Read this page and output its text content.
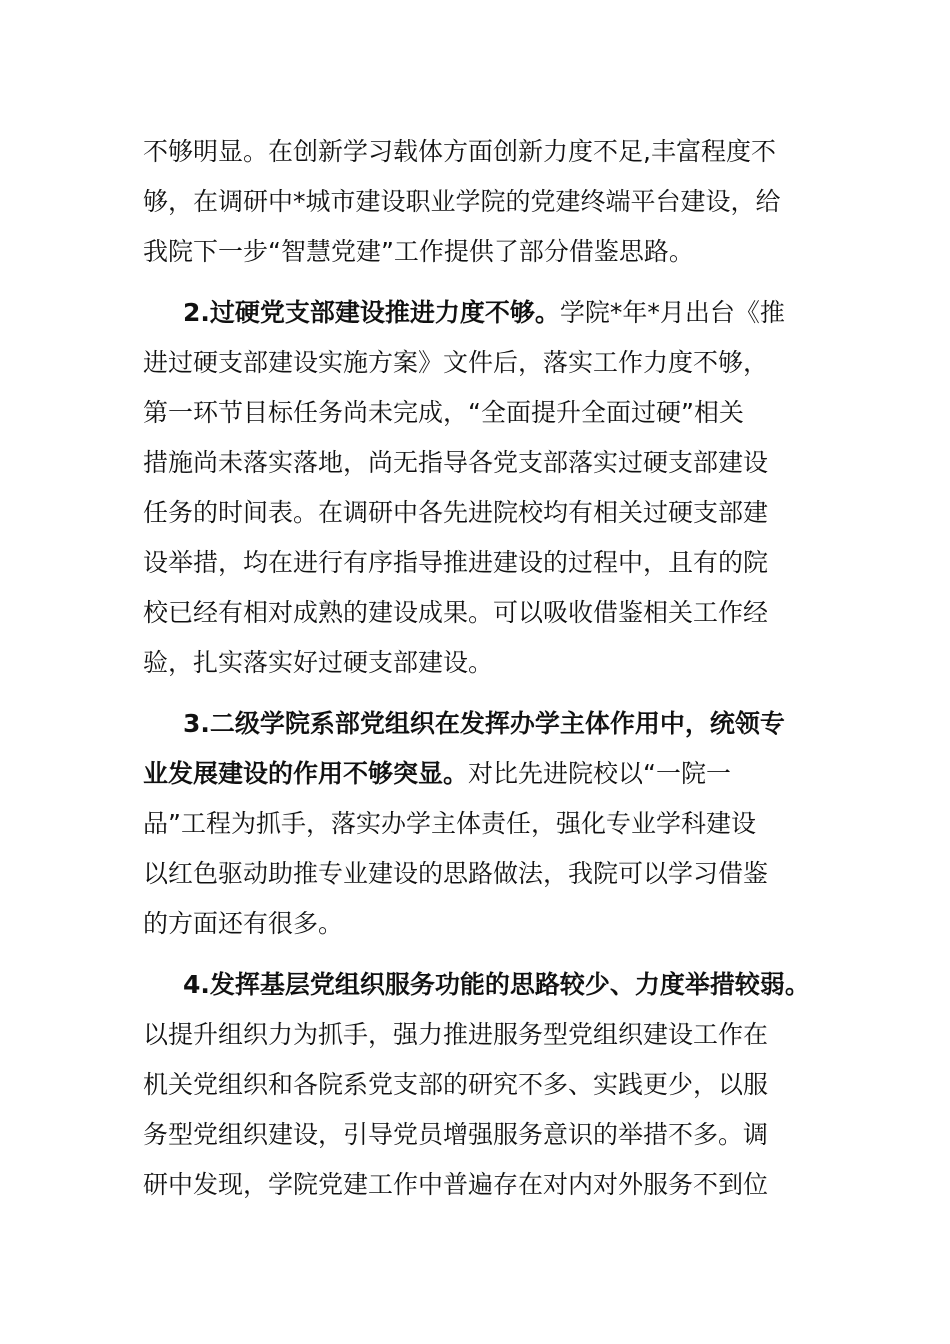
不够明显。在创新学习载体方面创新力度不足,丰富程度不
够，在调研中*城市建设职业学院的党建终端平台建设，给
我院下一步“智慧党建”工作提供了部分借鉴思路。
2.过硬党支部建设推进力度不够。学院*年*月出台《推
进过硬支部建设实施方案》文件后，落实工作力度不够，
第一环节目标任务尚未完成，“全面提升全面过硬”相关
措施尚未落实落地，尚无指导各党支部落实过硬支部建设
任务的时间表。在调研中各先进院校均有相关过硬支部建
设举措，均在进行有序指导推进建设的过程中，且有的院
校已经有相对成熟的建设成果。可以吸收借鉴相关工作经
验，扎实落实好过硬支部建设。
3.二级学院系部党组织在发挥办学主体作用中，统领专
业发展建设的作用不够突显。对比先进院校以“一院一
品”工程为抓手，落实办学主体责任，强化专业学科建设
以红色驱动助推专业建设的思路做法，我院可以学习借鉴
的方面还有很多。
4.发挥基层党组织服务功能的思路较少、力度举措较弱。
以提升组织力为抓手，强力推进服务型党组织建设工作在
机关党组织和各院系党支部的研究不多、实践更少，以服
务型党组织建设，引导党员增强服务意识的举措不多。调
研中发现，学院党建工作中普遍存在对内对外服务不到位
